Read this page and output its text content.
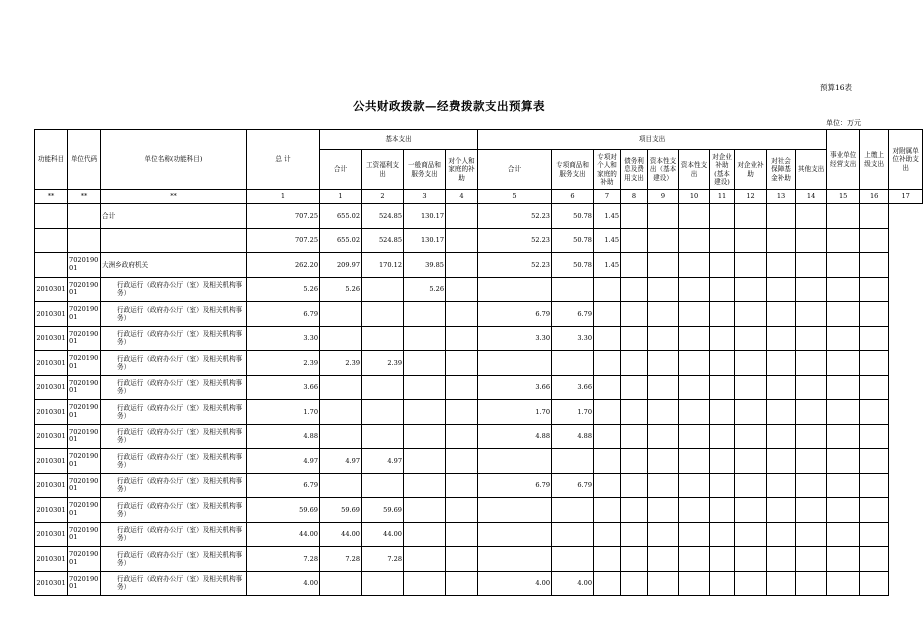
预算16表
公共财政拨款—经费拨款支出预算表
单位：万元
功能科目	单位代码	单位名称(功能科目)	总 计	基本支出				项目支出										事业单位经营支出	上缴上级支出	对附属单位补助支出
				合计	工资福利支出	一般商品和服务支出	对个人和家庭的补助	合计	专项商品和服务支出	专项对个人和家庭的补助	债务利息及费用支出	资本性支出（基本建设）	资本性支出	对企业补助(基本建设)	对企业补助	对社会保障基金补助	其他支出			
**	**	**	1	1	2	3	4	5	6	7	8	9	10	11	12	13	14	15	16	17
		合计	707.25	655.02	524.85	130.17		52.23	50.78	1.45										
			707.25	655.02	524.85	130.17		52.23	50.78	1.45										
	702019001	大洲乡政府机关	262.20	209.97	170.12	39.85		52.23	50.78	1.45										
2010301	702019001	行政运行（政府办公厅（室）及相关机构事务）	5.26	5.26		5.26														
2010301	702019001	行政运行（政府办公厅（室）及相关机构事务）	6.79					6.79	6.79											
2010301	702019001	行政运行（政府办公厅（室）及相关机构事务）	3.30					3.30	3.30											
2010301	702019001	行政运行（政府办公厅（室）及相关机构事务）	2.39	2.39	2.39															
2010301	702019001	行政运行（政府办公厅（室）及相关机构事务）	3.66					3.66	3.66											
2010301	702019001	行政运行（政府办公厅（室）及相关机构事务）	1.70					1.70	1.70											
2010301	702019001	行政运行（政府办公厅（室）及相关机构事务）	4.88					4.88	4.88											
2010301	702019001	行政运行（政府办公厅（室）及相关机构事务）	4.97	4.97	4.97															
2010301	702019001	行政运行（政府办公厅（室）及相关机构事务）	6.79					6.79	6.79											
2010301	702019001	行政运行（政府办公厅（室）及相关机构事务）	59.69	59.69	59.69															
2010301	702019001	行政运行（政府办公厅（室）及相关机构事务）	44.00	44.00	44.00															
2010301	702019001	行政运行（政府办公厅（室）及相关机构事务）	7.28	7.28	7.28															
2010301	702019001	行政运行（政府办公厅（室）及相关机构事务）	4.00					4.00	4.00											
